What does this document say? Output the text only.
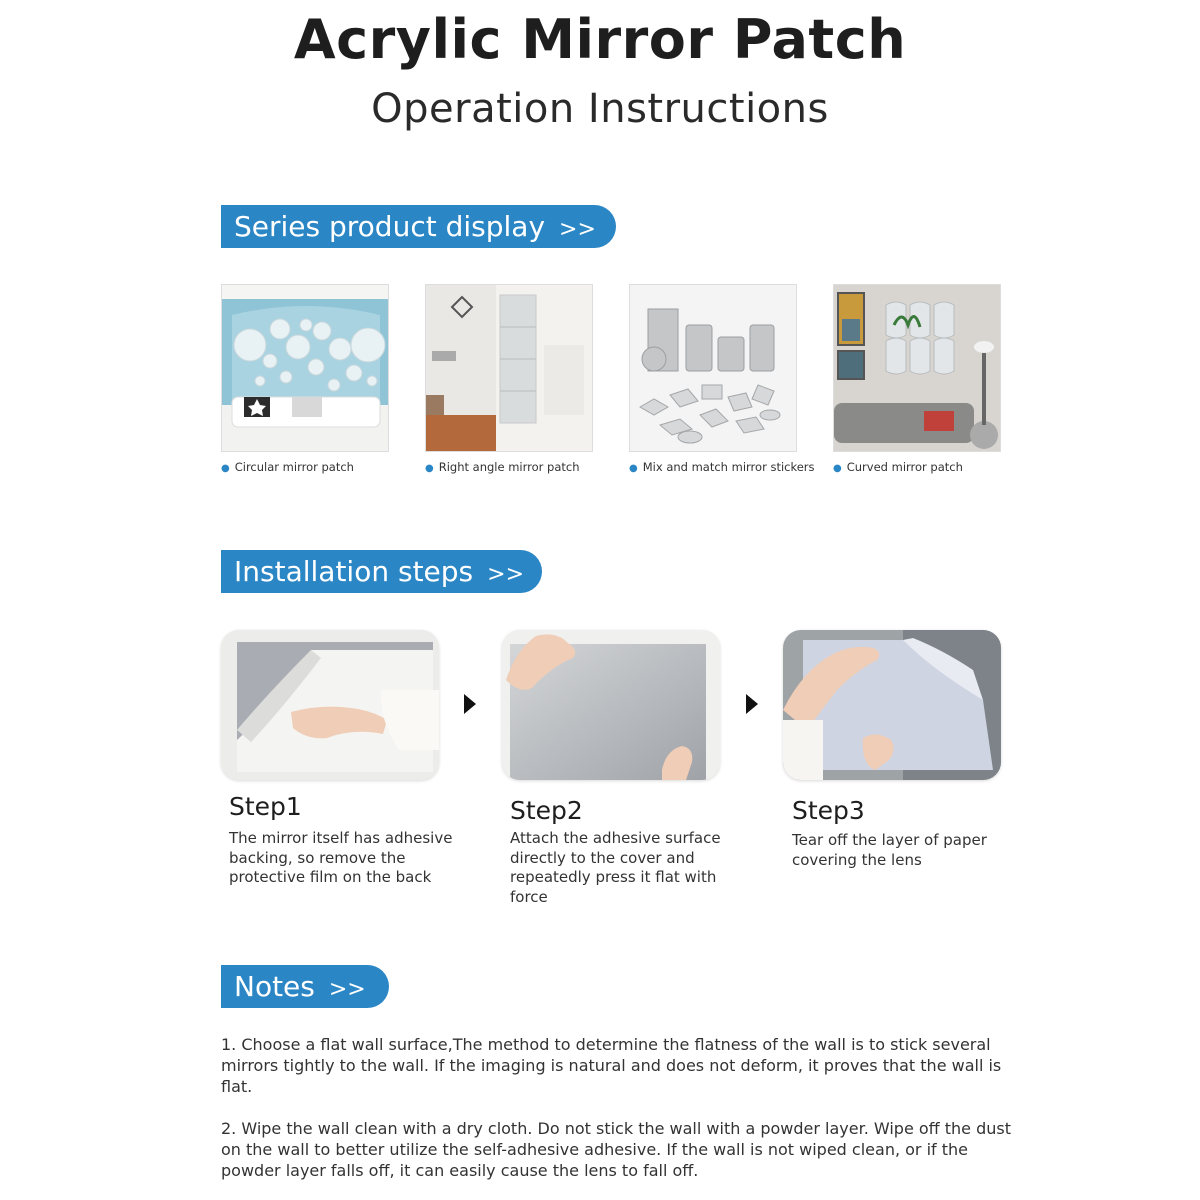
Acrylic Mirror Patch
Operation Instructions
Series product display >>
● Circular mirror patch	● Right angle mirror patch	● Mix and match mirror stickers ● Curved mirror patch
Installation steps >>
Step1
The mirror itself has adhesive backing, so remove the protective film on the back
Step2
Attach the adhesive surface directly to the cover and repeatedly press it flat with force
Step3
Tear off the layer of paper covering the lens
Notes >>
1. Choose a flat wall surface,The method to determine the flatness of the wall is to stick several mirrors tightly to the wall. If the imaging is natural and does not deform, it proves that the wall is flat.
2. Wipe the wall clean with a dry cloth. Do not stick the wall with a powder layer. Wipe off the dust on the wall to better utilize the self-adhesive adhesive. If the wall is not wiped clean, or if the powder layer falls off, it can easily cause the lens to fall off.
